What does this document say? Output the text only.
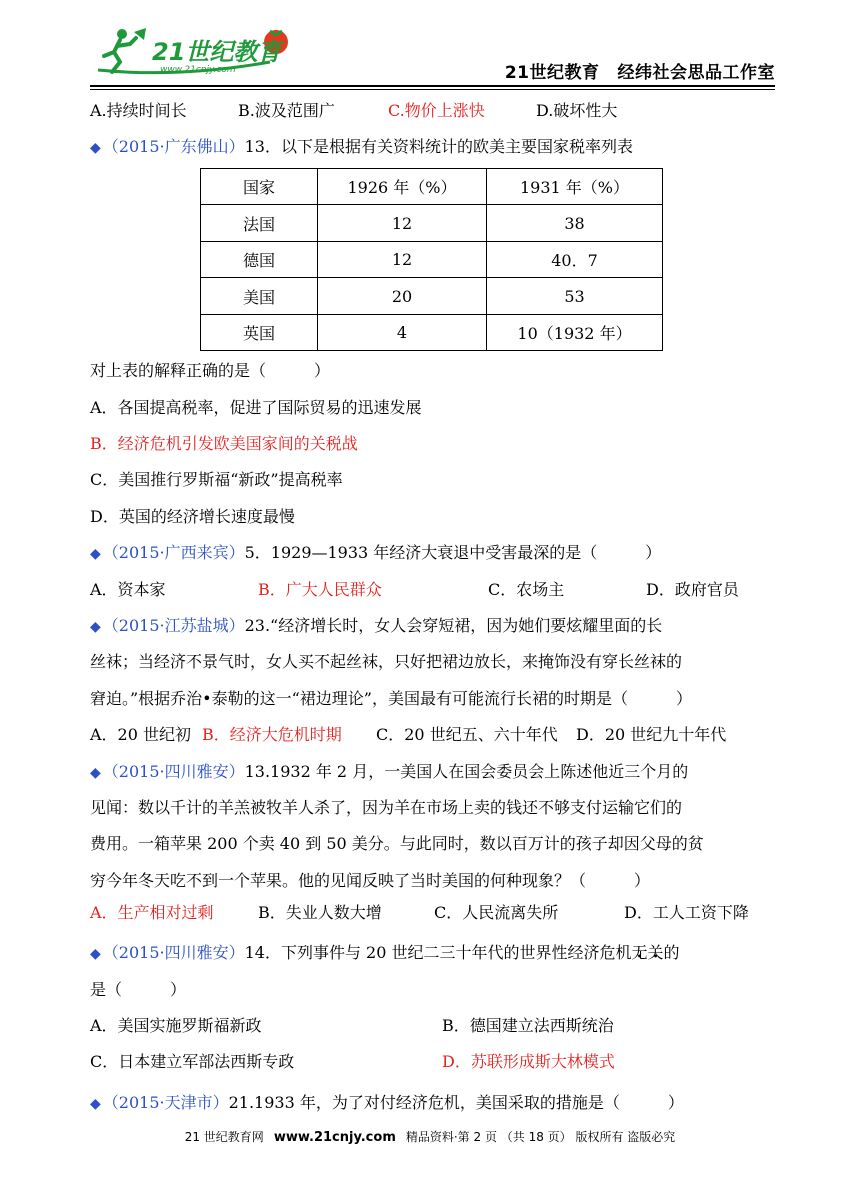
21世纪教育
www.21cnjy.com	21世纪教育 经纬社会思品工作室
A.持续时间长	B.波及范围广	C.物价上涨快	D.破坏性大
◆ （2015·广东佛山）13．以下是根据有关资料统计的欧美主要国家税率列表
国家	1926 年（%）	1931 年（%）
法国	12	38
德国	12	40．7
美国	20	53
英国	4	10（1932 年）
对上表的解释正确的是（　　　）
A．各国提高税率，促进了国际贸易的迅速发展
B．经济危机引发欧美国家间的关税战
C．美国推行罗斯福“新政”提高税率
D．英国的经济增长速度最慢
◆ （2015·广西来宾）5．1929—1933 年经济大衰退中受害最深的是（　　　）
A．资本家	B．广大人民群众	C．农场主	D．政府官员
◆ （2015·江苏盐城）23.“经济增长时，女人会穿短裙，因为她们要炫耀里面的长
丝袜；当经济不景气时，女人买不起丝袜，只好把裙边放长，来掩饰没有穿长丝袜的
窘迫。”根据乔治•泰勒的这一“裙边理论”，美国最有可能流行长裙的时期是（　　　）
A．20 世纪初 B．经济大危机时期 C．20 世纪五、六十年代 D．20 世纪九十年代
◆ （2015·四川雅安）13.1932 年 2 月，一美国人在国会委员会上陈述他近三个月的
见闻：数以千计的羊羔被牧羊人杀了，因为羊在市场上卖的钱还不够支付运输它们的
费用。一箱苹果 200 个卖 40 到 50 美分。与此同时，数以百万计的孩子却因父母的贫
穷今年冬天吃不到一个苹果。他的见闻反映了当时美国的何种现象？（　　　）
A．生产相对过剩	B．失业人数大增	C．人民流离失所	D．工人工资下降
◆ （2015·四川雅安）14．下列事件与 20 世纪二三十年代的世界性经济危机无关的
是（　　　）
A．美国实施罗斯福新政	B．德国建立法西斯统治
C．日本建立军部法西斯专政	D．苏联形成斯大林模式
◆ （2015·天津市）21.1933 年，为了对付经济危机，美国采取的措施是（　　　）
21 世纪教育网 www.21cnjy.com 精品资料·第 2 页 （共 18 页） 版权所有 盗版必究
